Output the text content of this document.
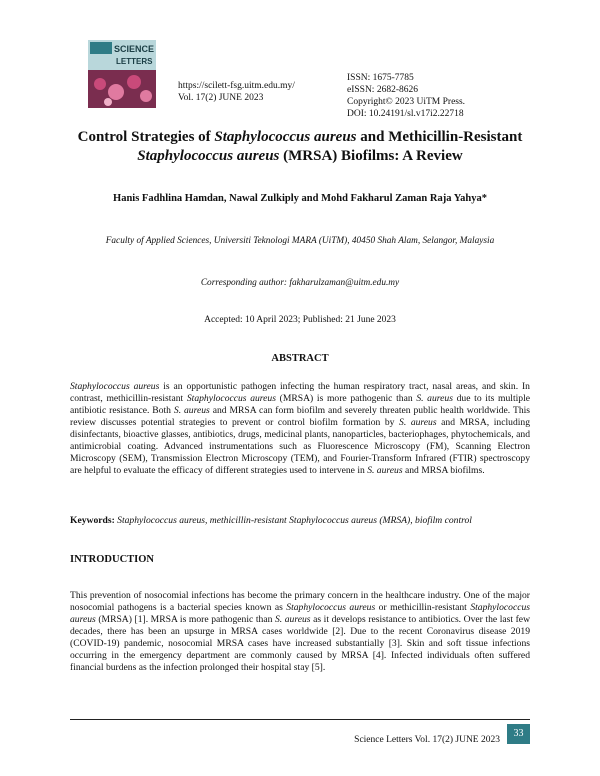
SCIENCE
LETTERS
https://scilett-fsg.uitm.edu.my/
Vol. 17(2) JUNE 2023
ISSN: 1675-7785
eISSN: 2682-8626
Copyright© 2023 UiTM Press.
DOI: 10.24191/sl.v17i2.22718
Control Strategies of Staphylococcus aureus and Methicillin-Resistant Staphylococcus aureus (MRSA) Biofilms: A Review
Hanis Fadhlina Hamdan, Nawal Zulkiply and Mohd Fakharul Zaman Raja Yahya*
Faculty of Applied Sciences, Universiti Teknologi MARA (UiTM), 40450 Shah Alam, Selangor, Malaysia
Corresponding author: fakharulzaman@uitm.edu.my
Accepted: 10 April 2023; Published: 21 June 2023
ABSTRACT
Staphylococcus aureus is an opportunistic pathogen infecting the human respiratory tract, nasal areas, and skin. In contrast, methicillin-resistant Staphylococcus aureus (MRSA) is more pathogenic than S. aureus due to its multiple antibiotic resistance. Both S. aureus and MRSA can form biofilm and severely threaten public health worldwide. This review discusses potential strategies to prevent or control biofilm formation by S. aureus and MRSA, including disinfectants, bioactive glasses, antibiotics, drugs, medicinal plants, nanoparticles, bacteriophages, phytochemicals, and antimicrobial coating. Advanced instrumentations such as Fluorescence Microscopy (FM), Scanning Electron Microscopy (SEM), Transmission Electron Microscopy (TEM), and Fourier-Transform Infrared (FTIR) spectroscopy are helpful to evaluate the efficacy of different strategies used to intervene in S. aureus and MRSA biofilms.
Keywords: Staphylococcus aureus, methicillin-resistant Staphylococcus aureus (MRSA), biofilm control
INTRODUCTION
This prevention of nosocomial infections has become the primary concern in the healthcare industry. One of the major nosocomial pathogens is a bacterial species known as Staphylococcus aureus or methicillin-resistant Staphylococcus aureus (MRSA) [1]. MRSA is more pathogenic than S. aureus as it develops resistance to antibiotics. Over the last few decades, there has been an upsurge in MRSA cases worldwide [2]. Due to the recent Coronavirus disease 2019 (COVID-19) pandemic, nosocomial MRSA cases have increased substantially [3]. Skin and soft tissue infections occurring in the emergency department are commonly caused by MRSA [4]. Infected individuals often suffered financial burdens as the infection prolonged their hospital stay [5].
Science Letters Vol. 17(2) JUNE 2023
33
